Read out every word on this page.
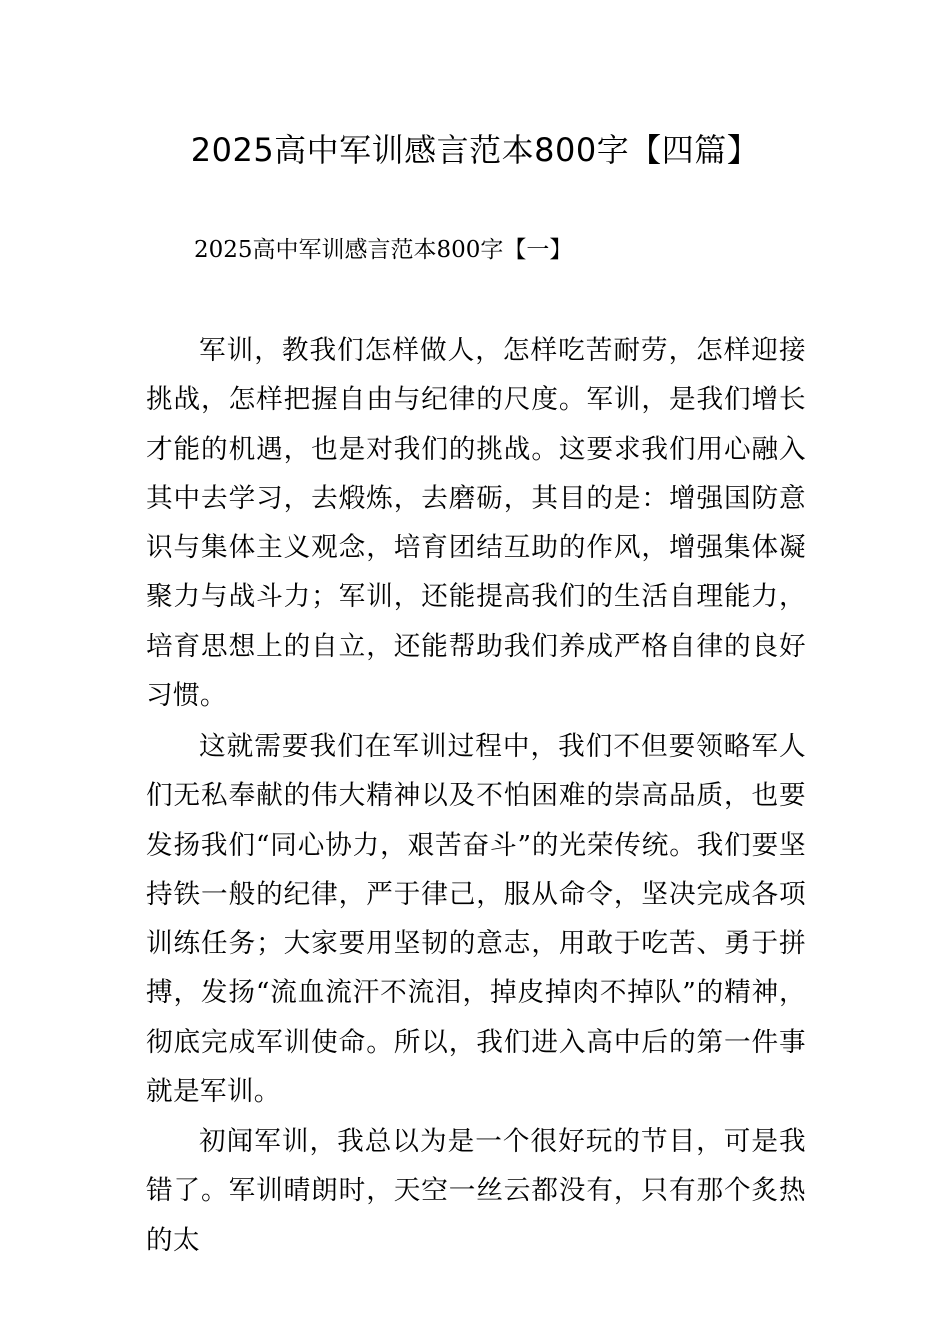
2025高中军训感言范本800字【四篇】
2025高中军训感言范本800字【一】

军训，教我们怎样做人，怎样吃苦耐劳，怎样迎接挑战，怎样把握自由与纪律的尺度。军训，是我们增长才能的机遇，也是对我们的挑战。这要求我们用心融入其中去学习，去煅炼，去磨砺，其目的是：增强国防意识与集体主义观念，培育团结互助的作风，增强集体凝聚力与战斗力；军训，还能提高我们的生活自理能力，培育思想上的自立，还能帮助我们养成严格自律的良好习惯。

这就需要我们在军训过程中，我们不但要领略军人们无私奉献的伟大精神以及不怕困难的崇高品质，也要发扬我们“同心协力，艰苦奋斗”的光荣传统。我们要坚持铁一般的纪律，严于律己，服从命令，坚决完成各项训练任务；大家要用坚韧的意志，用敢于吃苦、勇于拼搏，发扬“流血流汗不流泪，掉皮掉肉不掉队”的精神，彻底完成军训使命。所以，我们进入高中后的第一件事就是军训。

初闻军训，我总以为是一个很好玩的节目，可是我错了。军训晴朗时，天空一丝云都没有，只有那个炙热的太
